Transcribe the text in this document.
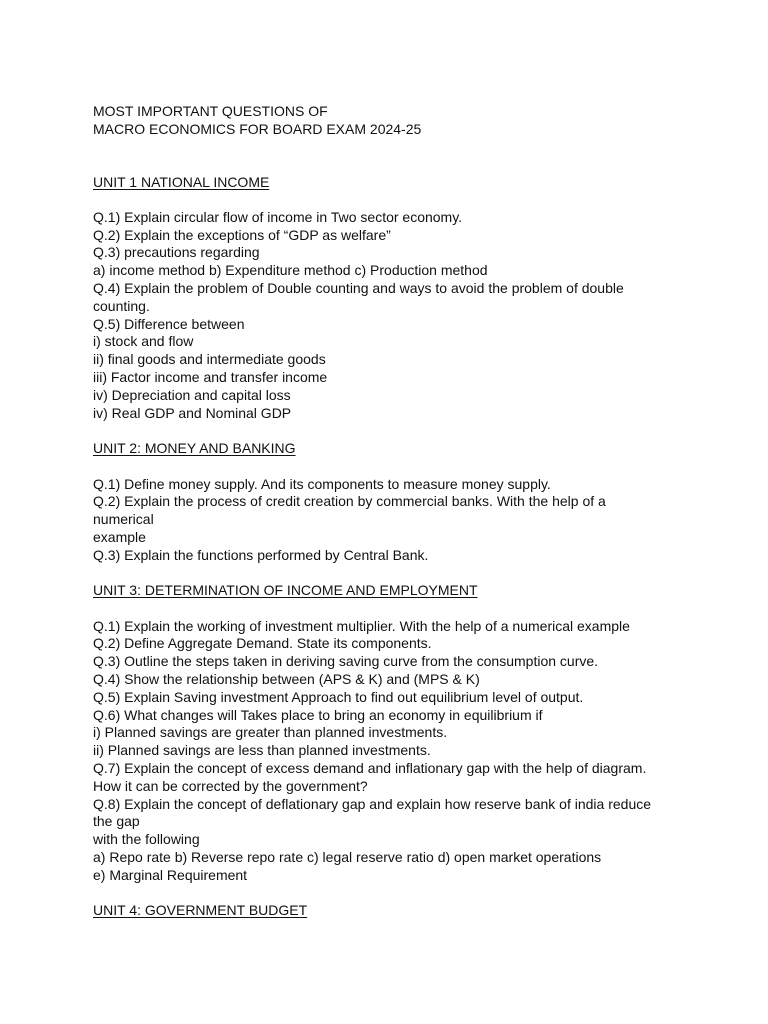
MOST IMPORTANT QUESTIONS OF
MACRO ECONOMICS FOR BOARD EXAM 2024-25
UNIT 1 NATIONAL INCOME
Q.1) Explain circular flow of income in Two sector economy.
Q.2) Explain the exceptions of “GDP as welfare”
Q.3) precautions regarding
a) income method b) Expenditure method c) Production method
Q.4) Explain the problem of Double counting and ways to avoid the problem of double
counting.
Q.5) Difference between
i) stock and flow
ii) final goods and intermediate goods
iii) Factor income and transfer income
iv) Depreciation and capital loss
iv) Real GDP and Nominal GDP
UNIT 2: MONEY AND BANKING
Q.1) Define money supply. And its components to measure money supply.
Q.2) Explain the process of credit creation by commercial banks. With the help of a
numerical
example
Q.3) Explain the functions performed by Central Bank.
UNIT 3: DETERMINATION OF INCOME AND EMPLOYMENT
Q.1) Explain the working of investment multiplier. With the help of a numerical example
Q.2) Define Aggregate Demand. State its components.
Q.3) Outline the steps taken in deriving saving curve from the consumption curve.
Q.4) Show the relationship between (APS & K) and (MPS & K)
Q.5) Explain Saving investment Approach to find out equilibrium level of output.
Q.6) What changes will Takes place to bring an economy in equilibrium if
i) Planned savings are greater than planned investments.
ii) Planned savings are less than planned investments.
Q.7) Explain the concept of excess demand and inflationary gap with the help of diagram.
How it can be corrected by the government?
Q.8) Explain the concept of deflationary gap and explain how reserve bank of india reduce
the gap
with the following
a) Repo rate b) Reverse repo rate c) legal reserve ratio d) open market operations
e) Marginal Requirement
UNIT 4: GOVERNMENT BUDGET
